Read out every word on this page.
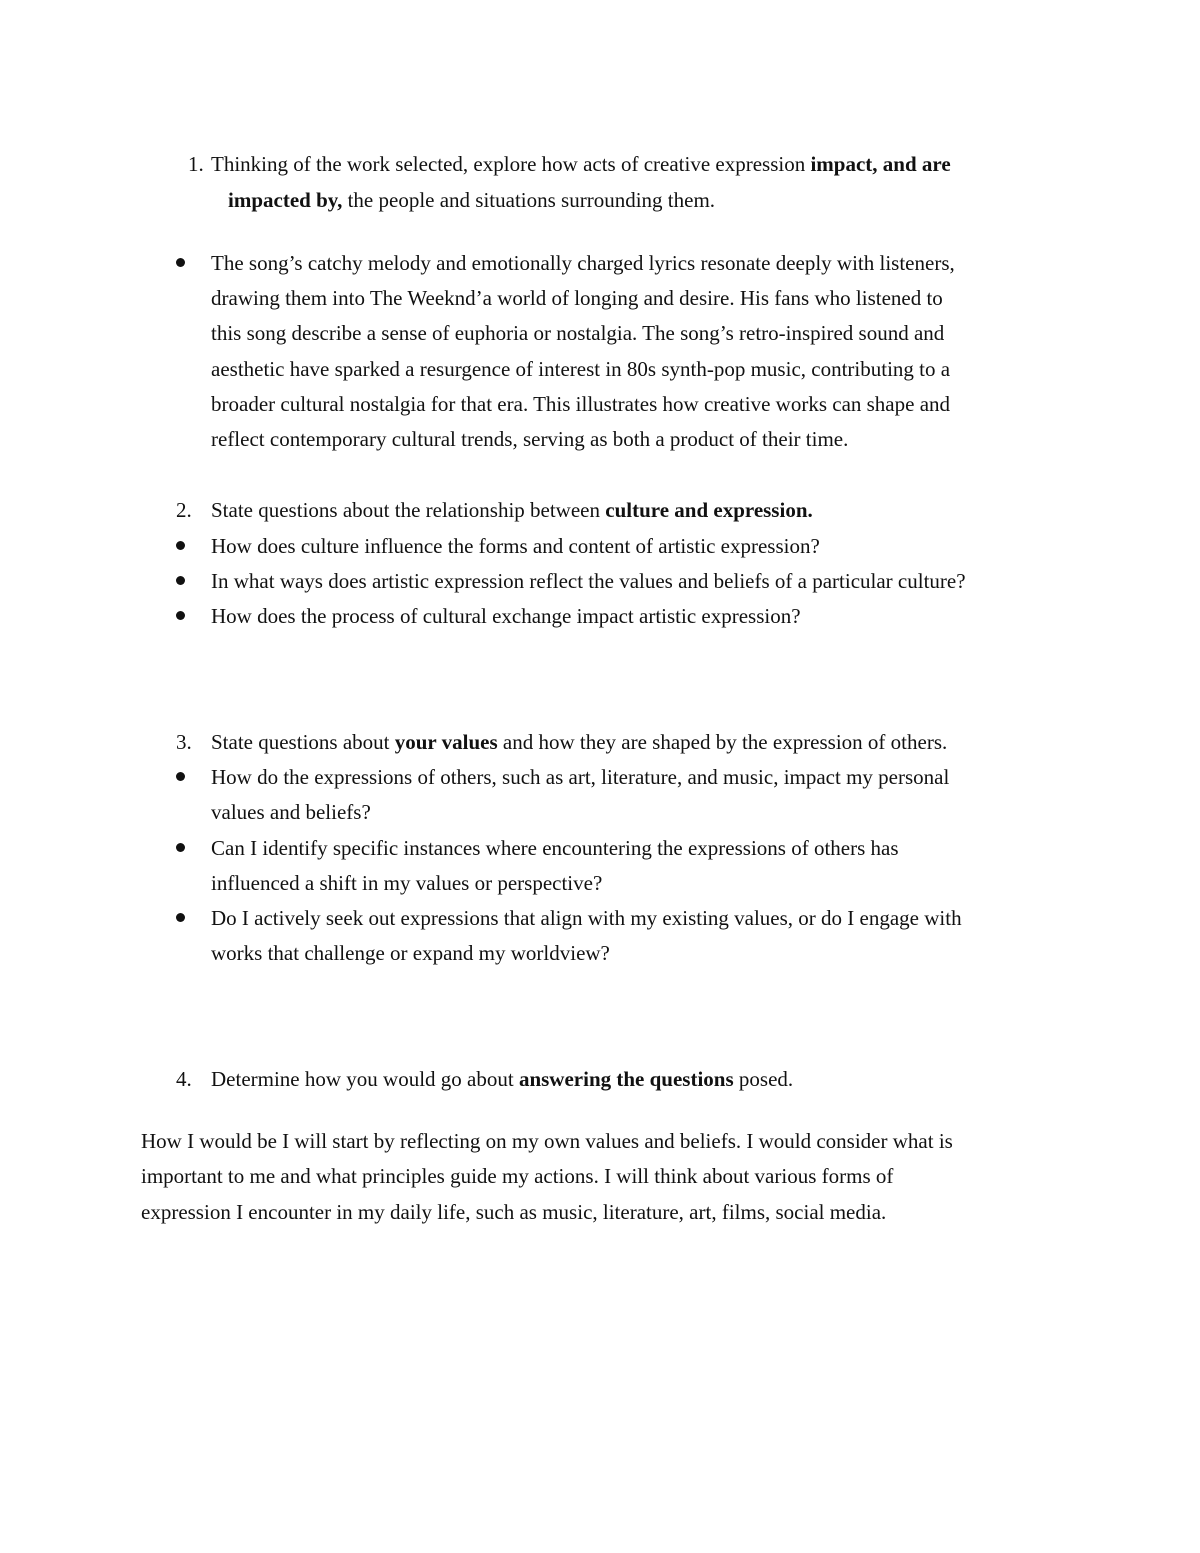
1. Thinking of the work selected, explore how acts of creative expression impact, and are
impacted by, the people and situations surrounding them.
The song’s catchy melody and emotionally charged lyrics resonate deeply with listeners,
drawing them into The Weeknd’a world of longing and desire. His fans who listened to
this song describe a sense of euphoria or nostalgia. The song’s retro-inspired sound and
aesthetic have sparked a resurgence of interest in 80s synth-pop music, contributing to a
broader cultural nostalgia for that era. This illustrates how creative works can shape and
reflect contemporary cultural trends, serving as both a product of their time.
2. State questions about the relationship between culture and expression.
How does culture influence the forms and content of artistic expression?
In what ways does artistic expression reflect the values and beliefs of a particular culture?
How does the process of cultural exchange impact artistic expression?
3. State questions about your values and how they are shaped by the expression of others.
How do the expressions of others, such as art, literature, and music, impact my personal
values and beliefs?
Can I identify specific instances where encountering the expressions of others has
influenced a shift in my values or perspective?
Do I actively seek out expressions that align with my existing values, or do I engage with
works that challenge or expand my worldview?
4. Determine how you would go about answering the questions posed.
How I would be I will start by reflecting on my own values and beliefs. I would consider what is
important to me and what principles guide my actions. I will think about various forms of
expression I encounter in my daily life, such as music, literature, art, films, social media.
